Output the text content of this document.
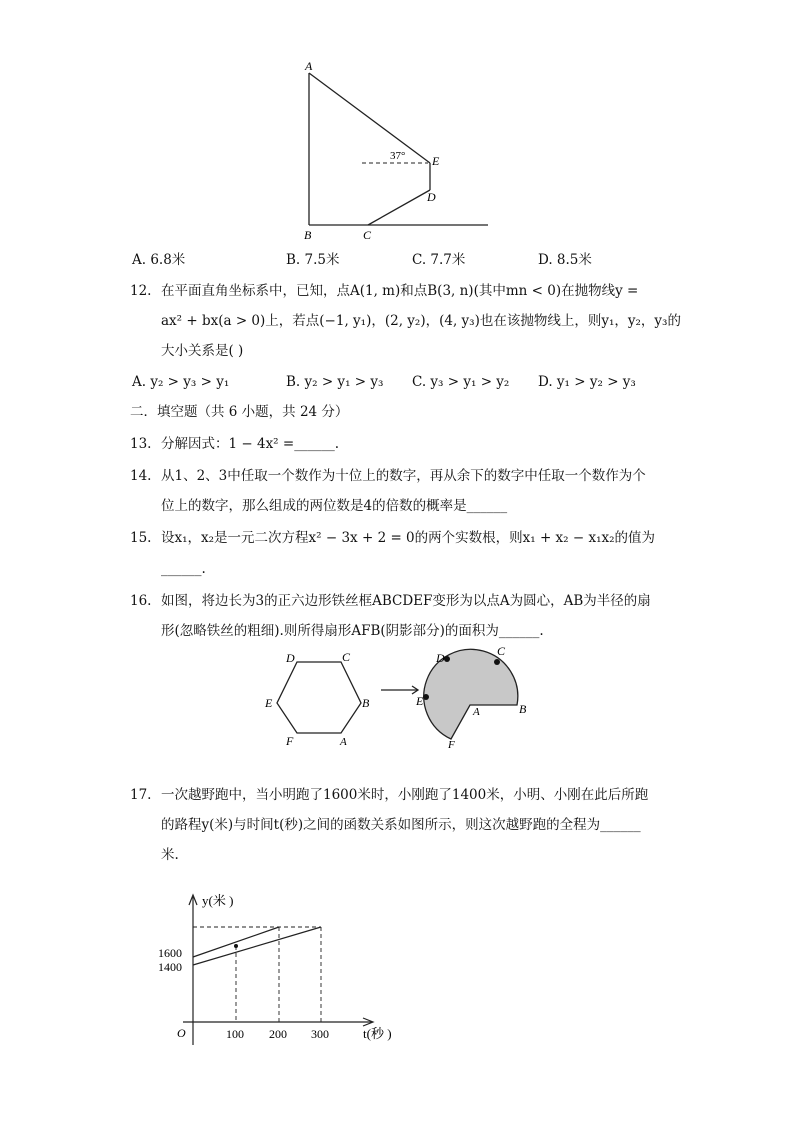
A
B	C
D
E
37°
A. 6.8米	B. 7.5米	C. 7.7米	D. 8.5米
12. 在平面直角坐标系中，已知，点A(1, m)和点B(3, n)(其中mn < 0)在抛物线y =
ax² + bx(a > 0)上，若点(−1, y₁)，(2, y₂)，(4, y₃)也在该抛物线上，则y₁，y₂，y₃的
大小关系是( )
A. y₂ > y₃ > y₁	B. y₂ > y₁ > y₃ C. y₃ > y₁ > y₂ D. y₁ > y₂ > y₃
二．填空题（共 6 小题，共 24 分）
13. 分解因式：1 − 4x² =______.
14. 从1、2、3中任取一个数作为十位上的数字，再从余下的数字中任取一个数作为个
位上的数字，那么组成的两位数是4的倍数的概率是______
15. 设x₁，x₂是一元二次方程x² − 3x + 2 = 0的两个实数根，则x₁ + x₂ − x₁x₂的值为
______.
16. 如图，将边长为3的正六边形铁丝框ABCDEF变形为以点A为圆心，AB为半径的扇
形(忽略铁丝的粗细).则所得扇形AFB(阴影部分)的面积为______.
D	C
E	B
F	A
D	C
E
A	B
F
17. 一次越野跑中，当小明跑了1600米时，小刚跑了1400米，小明、小刚在此后所跑
的路程y(米)与时间t(秒)之间的函数关系如图所示，则这次越野跑的全程为______
米.
y(米 )
1600
1400
O	100 200 300	t(秒 )
